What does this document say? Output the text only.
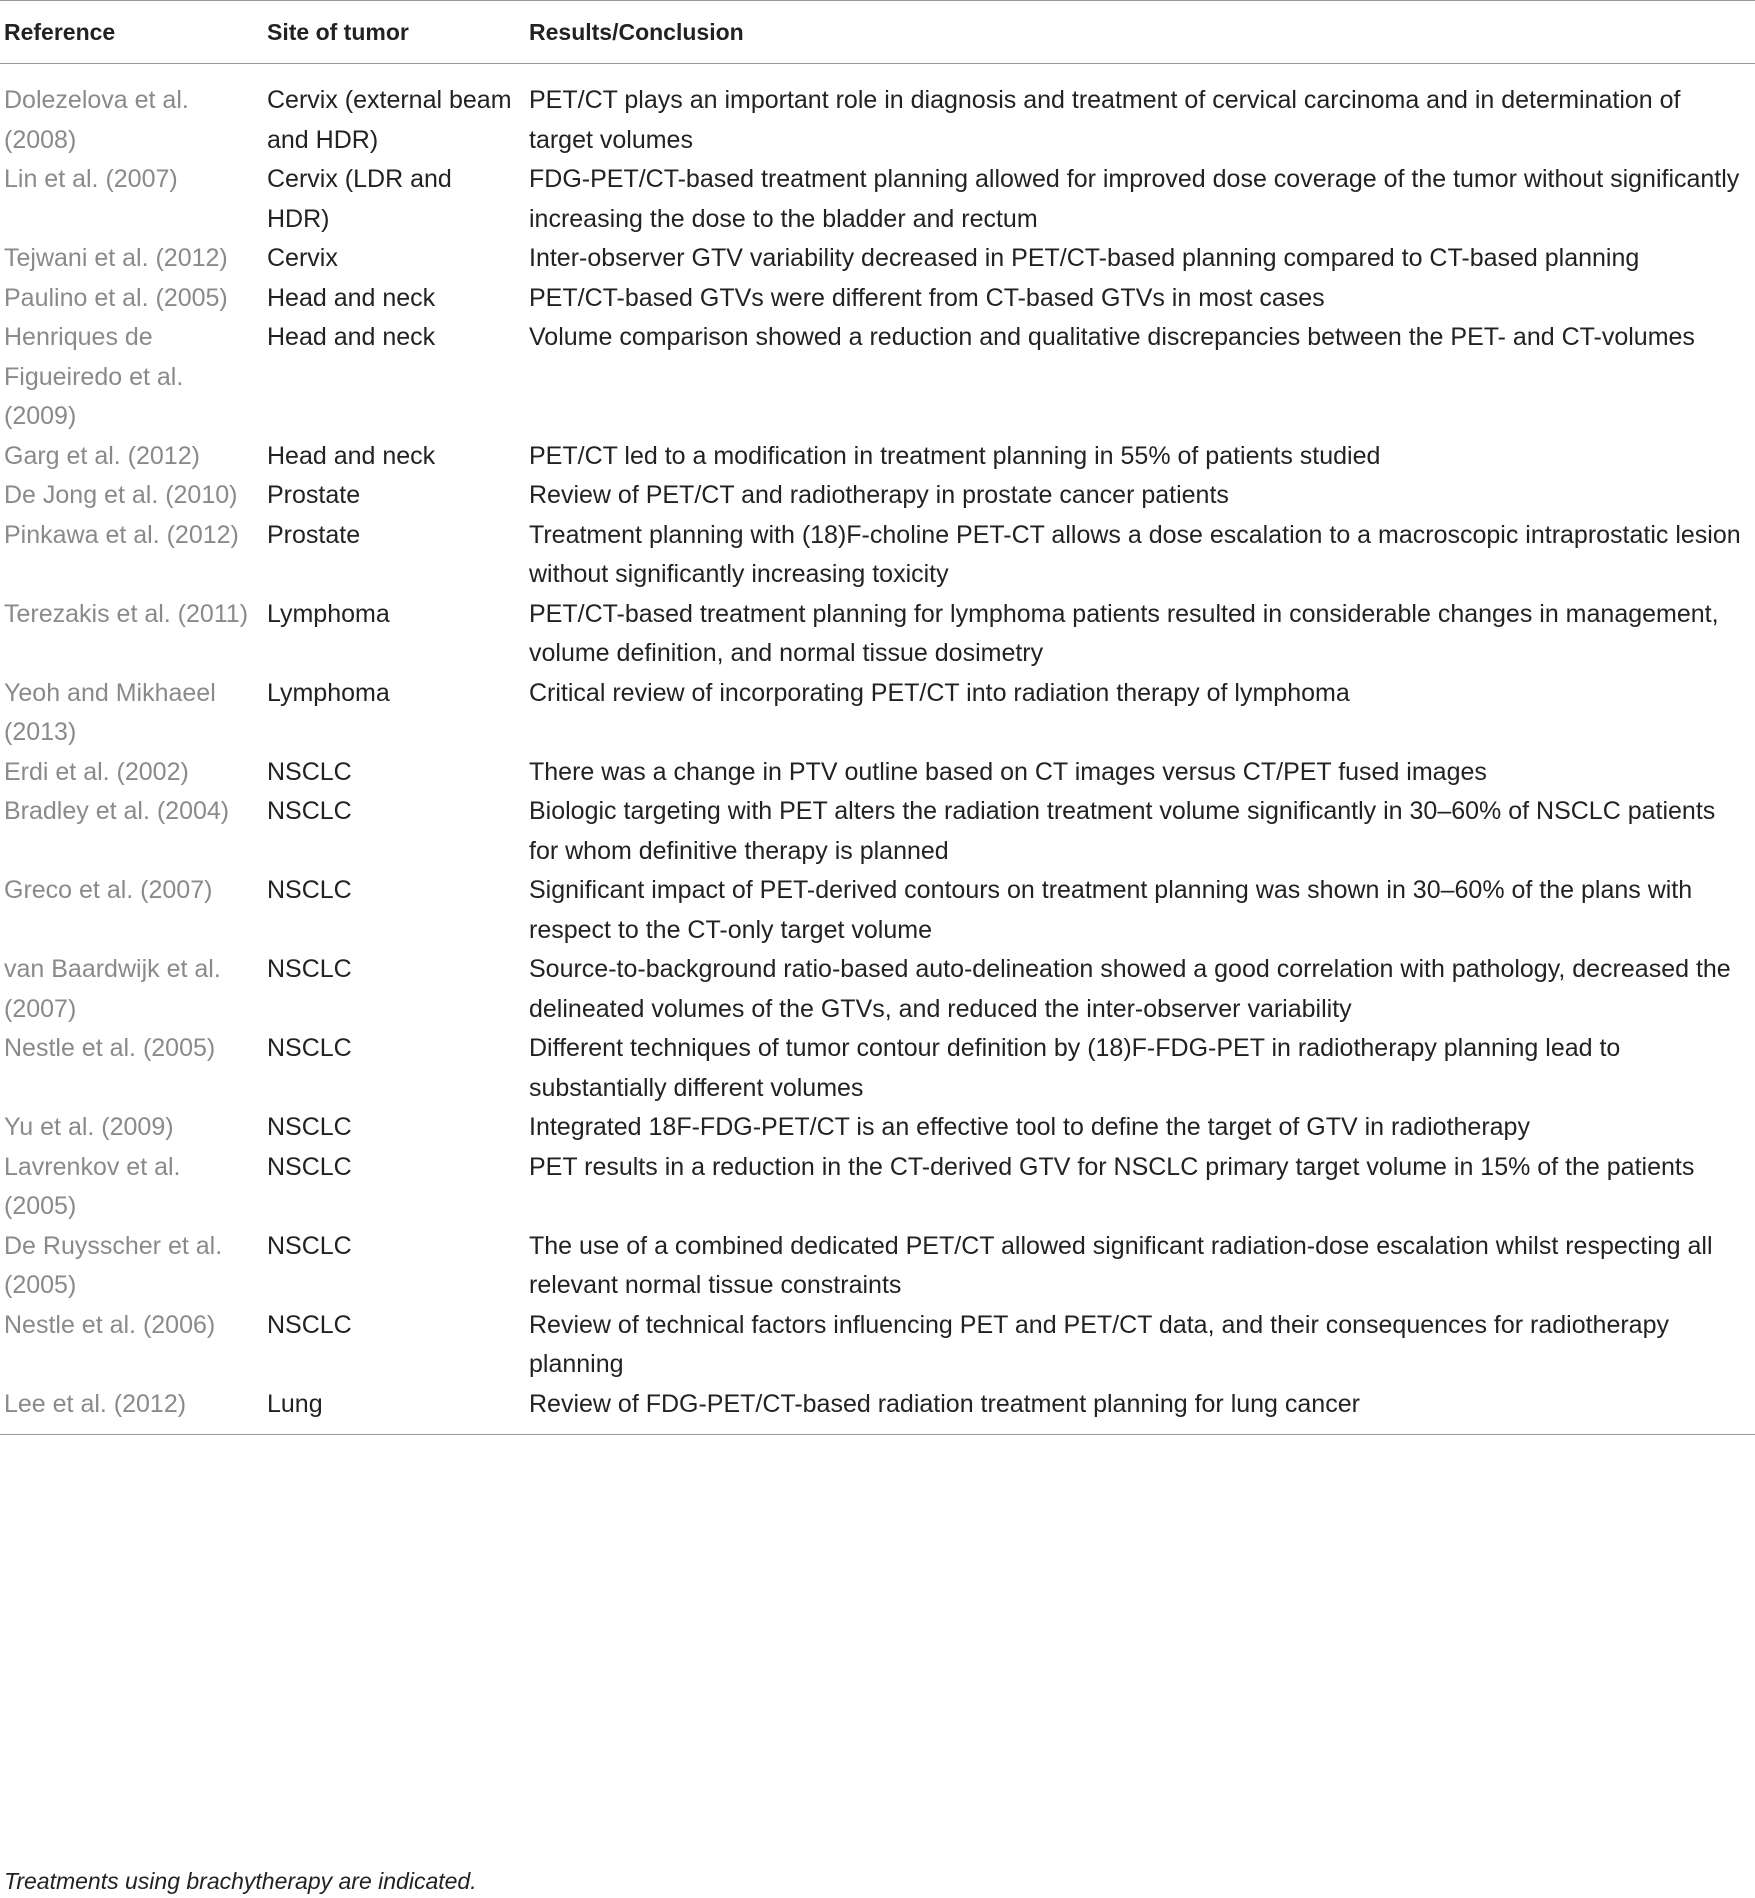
Reference	Site of tumor	Results/Conclusion
Dolezelova et al. (2008)	Cervix (external beam and HDR)	PET/CT plays an important role in diagnosis and treatment of cervical carcinoma and in determination of target volumes
Lin et al. (2007)	Cervix (LDR and HDR)	FDG-PET/CT-based treatment planning allowed for improved dose coverage of the tumor without significantly increasing the dose to the bladder and rectum
Tejwani et al. (2012)	Cervix	Inter-observer GTV variability decreased in PET/CT-based planning compared to CT-based planning
Paulino et al. (2005)	Head and neck	PET/CT-based GTVs were different from CT-based GTVs in most cases
Henriques de Figueiredo et al. (2009)	Head and neck	Volume comparison showed a reduction and qualitative discrepancies between the PET- and CT-volumes
Garg et al. (2012)	Head and neck	PET/CT led to a modification in treatment planning in 55% of patients studied
De Jong et al. (2010)	Prostate	Review of PET/CT and radiotherapy in prostate cancer patients
Pinkawa et al. (2012)	Prostate	Treatment planning with (18)F-choline PET-CT allows a dose escalation to a macroscopic intraprostatic lesion without significantly increasing toxicity
Terezakis et al. (2011)	Lymphoma	PET/CT-based treatment planning for lymphoma patients resulted in considerable changes in management, volume definition, and normal tissue dosimetry
Yeoh and Mikhaeel (2013)	Lymphoma	Critical review of incorporating PET/CT into radiation therapy of lymphoma
Erdi et al. (2002)	NSCLC	There was a change in PTV outline based on CT images versus CT/PET fused images
Bradley et al. (2004)	NSCLC	Biologic targeting with PET alters the radiation treatment volume significantly in 30–60% of NSCLC patients for whom definitive therapy is planned
Greco et al. (2007)	NSCLC	Significant impact of PET-derived contours on treatment planning was shown in 30–60% of the plans with respect to the CT-only target volume
van Baardwijk et al. (2007)	NSCLC	Source-to-background ratio-based auto-delineation showed a good correlation with pathology, decreased the delineated volumes of the GTVs, and reduced the inter-observer variability
Nestle et al. (2005)	NSCLC	Different techniques of tumor contour definition by (18)F-FDG-PET in radiotherapy planning lead to substantially different volumes
Yu et al. (2009)	NSCLC	Integrated 18F-FDG-PET/CT is an effective tool to define the target of GTV in radiotherapy
Lavrenkov et al. (2005)	NSCLC	PET results in a reduction in the CT-derived GTV for NSCLC primary target volume in 15% of the patients
De Ruysscher et al. (2005)	NSCLC	The use of a combined dedicated PET/CT allowed significant radiation-dose escalation whilst respecting all relevant normal tissue constraints
Nestle et al. (2006)	NSCLC	Review of technical factors influencing PET and PET/CT data, and their consequences for radiotherapy planning
Lee et al. (2012)	Lung	Review of FDG-PET/CT-based radiation treatment planning for lung cancer
Treatments using brachytherapy are indicated.
